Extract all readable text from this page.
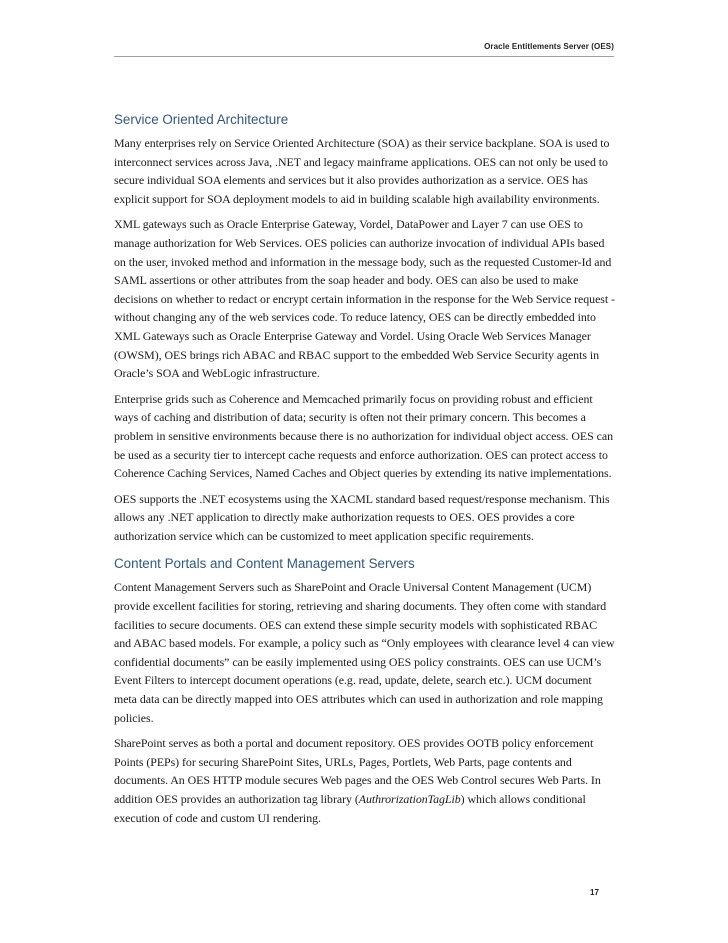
Oracle Entitlements Server (OES)
Service Oriented Architecture

Many enterprises rely on Service Oriented Architecture (SOA) as their service backplane. SOA is used to interconnect services across Java, .NET and legacy mainframe applications. OES can not only be used to secure individual SOA elements and services but it also provides authorization as a service. OES has explicit support for SOA deployment models to aid in building scalable high availability environments.

XML gateways such as Oracle Enterprise Gateway, Vordel, DataPower and Layer 7 can use OES to manage authorization for Web Services. OES policies can authorize invocation of individual APIs based on the user, invoked method and information in the message body, such as the requested Customer-Id and SAML assertions or other attributes from the soap header and body. OES can also be used to make decisions on whether to redact or encrypt certain information in the response for the Web Service request - without changing any of the web services code. To reduce latency, OES can be directly embedded into XML Gateways such as Oracle Enterprise Gateway and Vordel. Using Oracle Web Services Manager (OWSM), OES brings rich ABAC and RBAC support to the embedded Web Service Security agents in Oracle’s SOA and WebLogic infrastructure.

Enterprise grids such as Coherence and Memcached primarily focus on providing robust and efficient ways of caching and distribution of data; security is often not their primary concern. This becomes a problem in sensitive environments because there is no authorization for individual object access. OES can be used as a security tier to intercept cache requests and enforce authorization. OES can protect access to Coherence Caching Services, Named Caches and Object queries by extending its native implementations.

OES supports the .NET ecosystems using the XACML standard based request/response mechanism. This allows any .NET application to directly make authorization requests to OES. OES provides a core authorization service which can be customized to meet application specific requirements.

Content Portals and Content Management Servers

Content Management Servers such as SharePoint and Oracle Universal Content Management (UCM) provide excellent facilities for storing, retrieving and sharing documents. They often come with standard facilities to secure documents. OES can extend these simple security models with sophisticated RBAC and ABAC based models. For example, a policy such as “Only employees with clearance level 4 can view confidential documents” can be easily implemented using OES policy constraints. OES can use UCM’s Event Filters to intercept document operations (e.g. read, update, delete, search etc.). UCM document meta data can be directly mapped into OES attributes which can used in authorization and role mapping policies.

SharePoint serves as both a portal and document repository. OES provides OOTB policy enforcement Points (PEPs) for securing SharePoint Sites, URLs, Pages, Portlets, Web Parts, page contents and documents. An OES HTTP module secures Web pages and the OES Web Control secures Web Parts. In addition OES provides an authorization tag library (AuthrorizationTagLib) which allows conditional execution of code and custom UI rendering.

17
